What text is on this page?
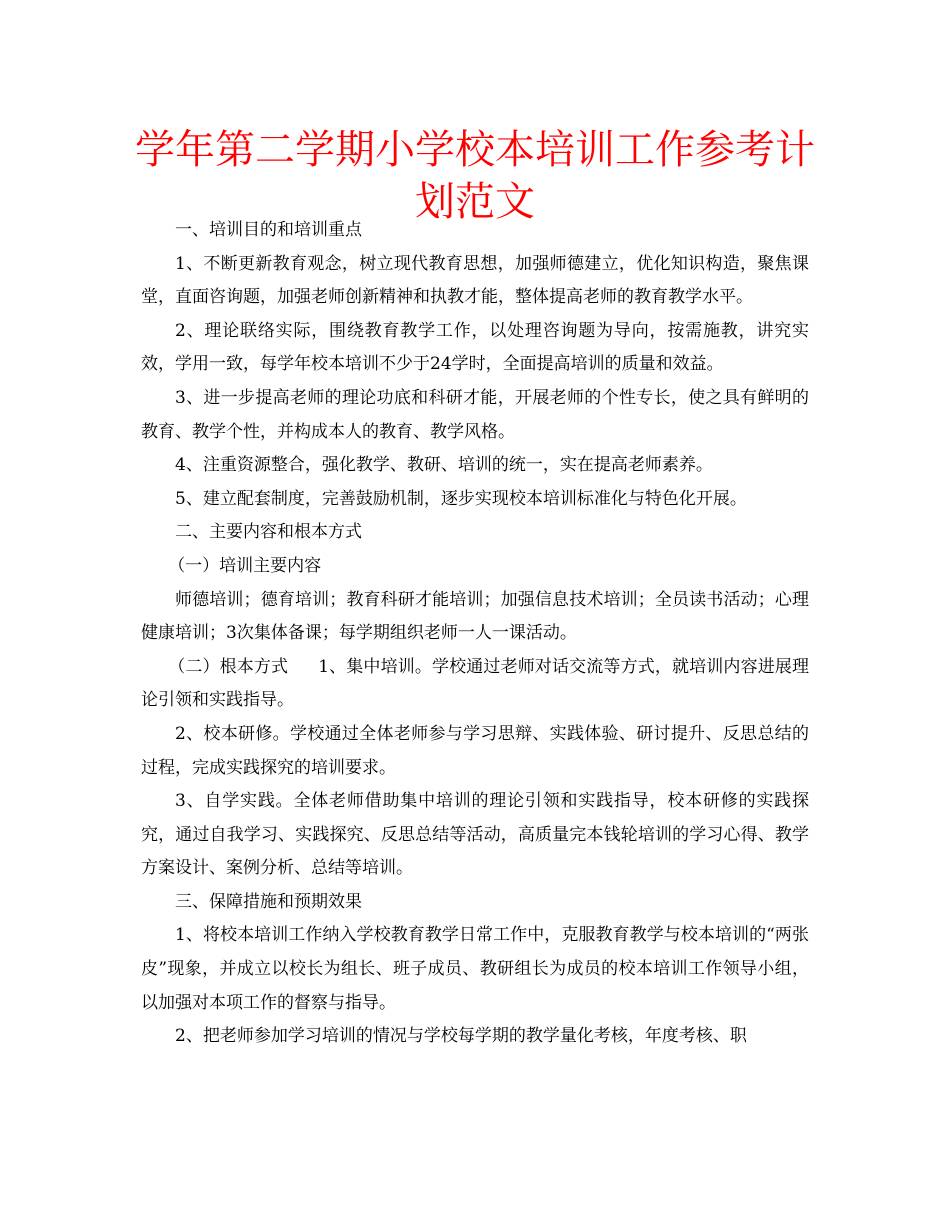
学年第二学期小学校本培训工作参考计划范文

一、培训目的和培训重点

1、不断更新教育观念，树立现代教育思想，加强师德建立，优化知识构造，聚焦课堂，直面咨询题，加强老师创新精神和执教才能，整体提高老师的教育教学水平。

2、理论联络实际，围绕教育教学工作，以处理咨询题为导向，按需施教，讲究实效，学用一致，每学年校本培训不少于24学时，全面提高培训的质量和效益。

3、进一步提高老师的理论功底和科研才能，开展老师的个性专长，使之具有鲜明的教育、教学个性，并构成本人的教育、教学风格。

4、注重资源整合，强化教学、教研、培训的统一，实在提高老师素养。

5、建立配套制度，完善鼓励机制，逐步实现校本培训标准化与特色化开展。

二、主要内容和根本方式

（一）培训主要内容

师德培训；德育培训；教育科研才能培训；加强信息技术培训；全员读书活动；心理健康培训；3次集体备课；每学期组织老师一人一课活动。

（二）根本方式 1、集中培训。学校通过老师对话交流等方式，就培训内容进展理论引领和实践指导。

2、校本研修。学校通过全体老师参与学习思辩、实践体验、研讨提升、反思总结的过程，完成实践探究的培训要求。

3、自学实践。全体老师借助集中培训的理论引领和实践指导，校本研修的实践探究，通过自我学习、实践探究、反思总结等活动，高质量完本钱轮培训的学习心得、教学方案设计、案例分析、总结等培训。

三、保障措施和预期效果

1、将校本培训工作纳入学校教育教学日常工作中，克服教育教学与校本培训的“两张皮”现象，并成立以校长为组长、班子成员、教研组长为成员的校本培训工作领导小组，以加强对本项工作的督察与指导。

2、把老师参加学习培训的情况与学校每学期的教学量化考核，年度考核、职
